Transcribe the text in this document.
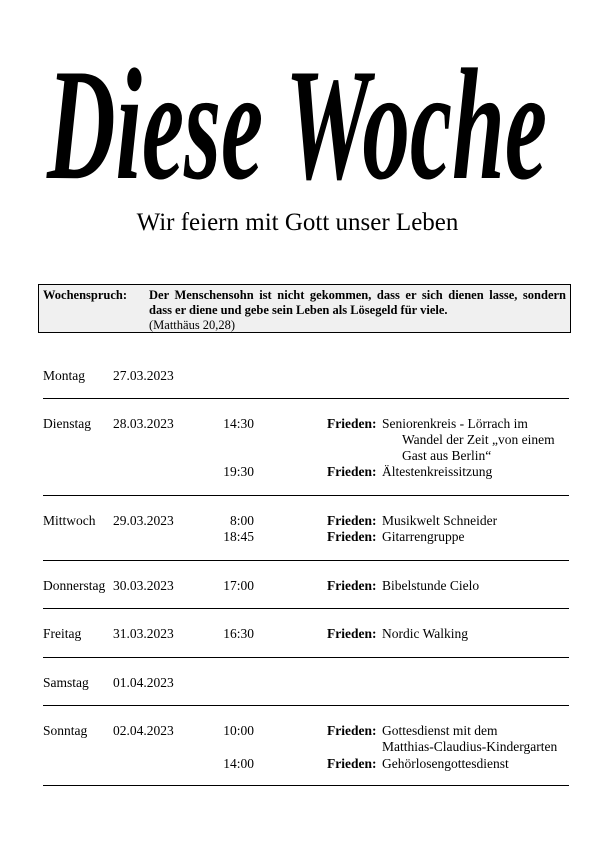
Diese Woche
Wir feiern mit Gott unser Leben
Wochenspruch: Der Menschensohn ist nicht gekommen, dass er sich dienen lasse, sondern dass er diene und gebe sein Leben als Lösegeld für viele.
(Matthäus 20,28)
Montag 27.03.2023
Dienstag 28.03.2023	14:30	Frieden: Seniorenkreis - Lörrach im
Wandel der Zeit „von einem
Gast aus Berlin“
19:30	Frieden: Ältestenkreissitzung
Mittwoch 29.03.2023	8:00	Frieden: Musikwelt Schneider
18:45	Frieden: Gitarrengruppe
Donnerstag 30.03.2023	17:00	Frieden: Bibelstunde Cielo
Freitag 31.03.2023	16:30	Frieden: Nordic Walking
Samstag 01.04.2023
Sonntag 02.04.2023	10:00	Frieden: Gottesdienst mit dem
Matthias-Claudius-Kindergarten
14:00	Frieden: Gehörlosengottesdienst
